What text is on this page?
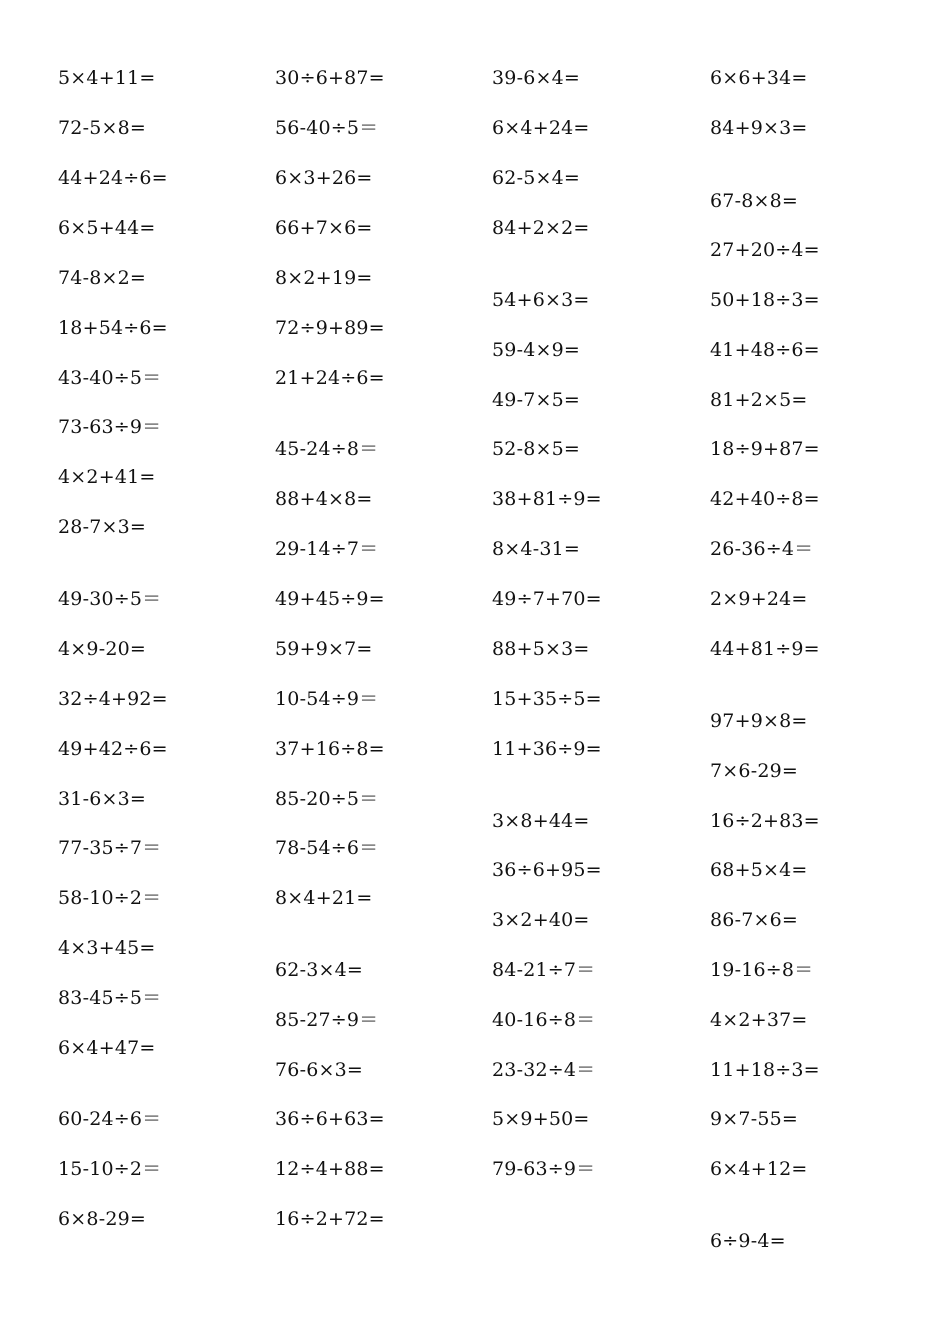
5×4+11=
72-5×8=
44+24÷6=
6×5+44=
74-8×2=
18+54÷6=
43-40÷5＝
73-63÷9＝
4×2+41=
28-7×3=
49-30÷5＝
4×9-20=
32÷4+92=
49+42÷6=
31-6×3=
77-35÷7＝
58-10÷2＝
4×3+45=
83-45÷5＝
6×4+47=
60-24÷6＝
15-10÷2＝
6×8-29=
30÷6+87=
56-40÷5＝
6×3+26=
66+7×6=
8×2+19=
72÷9+89=
21+24÷6=
45-24÷8＝
88+4×8=
29-14÷7＝
49+45÷9=
59+9×7=
10-54÷9＝
37+16÷8=
85-20÷5＝
78-54÷6＝
8×4+21=
62-3×4=
85-27÷9＝
76-6×3=
36÷6+63=
12÷4+88=
16÷2+72=
39-6×4=
6×4+24=
62-5×4=
84+2×2=
54+6×3=
59-4×9=
49-7×5=
52-8×5=
38+81÷9=
8×4-31=
49÷7+70=
88+5×3=
15+35÷5=
11+36÷9=
3×8+44=
36÷6+95=
3×2+40=
84-21÷7＝
40-16÷8＝
23-32÷4＝
5×9+50=
79-63÷9＝
6×6+34=
84+9×3=
67-8×8=
27+20÷4=
50+18÷3=
41+48÷6=
81+2×5=
18÷9+87=
42+40÷8=
26-36÷4＝
2×9+24=
44+81÷9=
97+9×8=
7×6-29=
16÷2+83=
68+5×4=
86-7×6=
19-16÷8＝
4×2+37=
11+18÷3=
9×7-55=
6×4+12=
6÷9-4=
